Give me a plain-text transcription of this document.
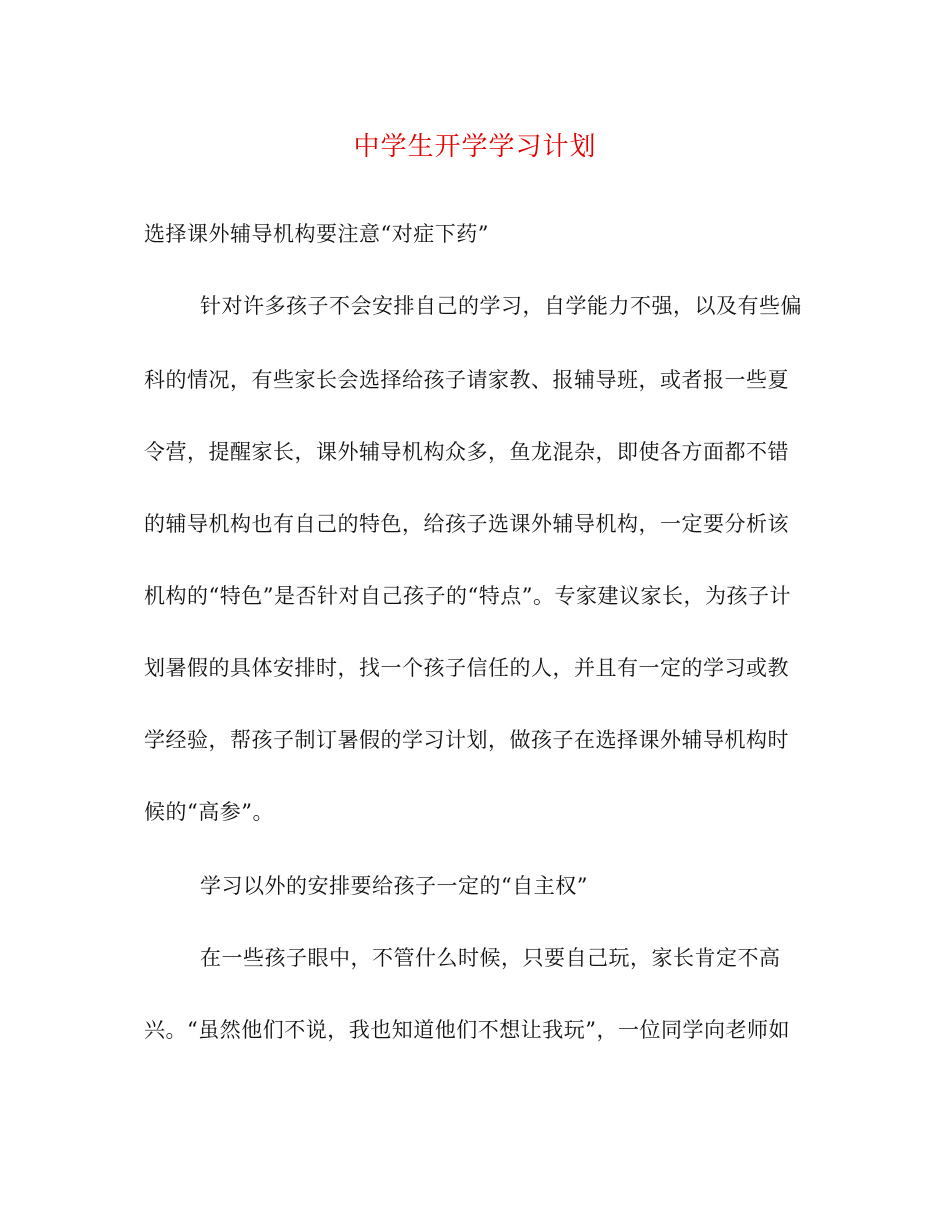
中学生开学学习计划
选择课外辅导机构要注意“对症下药”
针对许多孩子不会安排自己的学习，自学能力不强，以及有些偏
科的情况，有些家长会选择给孩子请家教、报辅导班，或者报一些夏
令营，提醒家长，课外辅导机构众多，鱼龙混杂，即使各方面都不错
的辅导机构也有自己的特色，给孩子选课外辅导机构，一定要分析该
机构的“特色”是否针对自己孩子的“特点”。专家建议家长，为孩子计
划暑假的具体安排时，找一个孩子信任的人，并且有一定的学习或教
学经验，帮孩子制订暑假的学习计划，做孩子在选择课外辅导机构时
候的“高参”。
学习以外的安排要给孩子一定的“自主权”
在一些孩子眼中，不管什么时候，只要自己玩，家长肯定不高
兴。“虽然他们不说，我也知道他们不想让我玩”，一位同学向老师如
